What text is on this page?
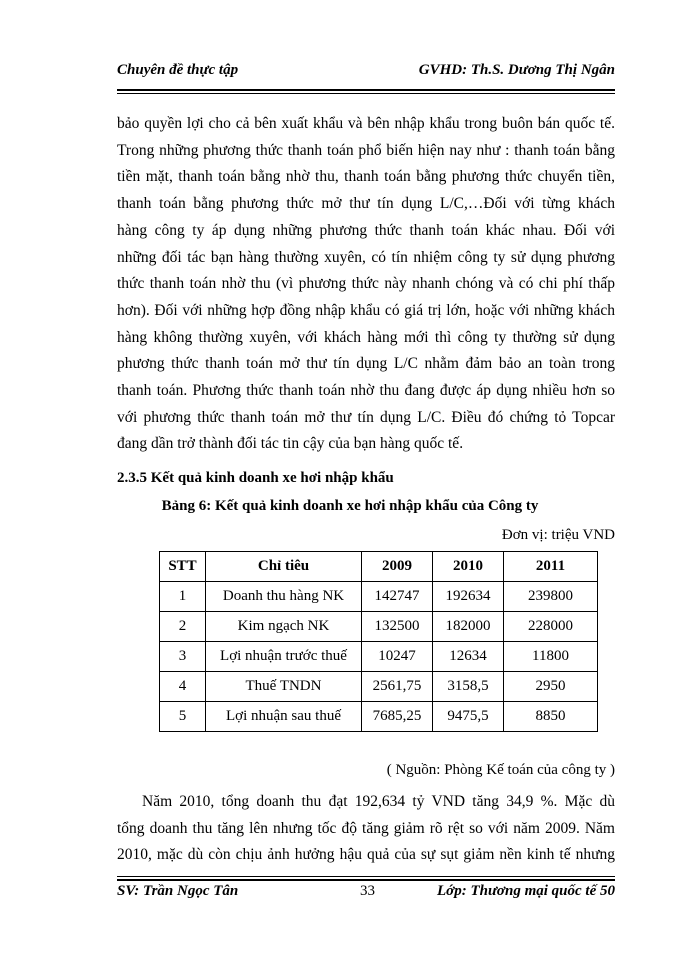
Chuyên đề thực tập	GVHD: Th.S. Dương Thị Ngân
bảo quyền lợi cho cả bên xuất khẩu và bên nhập khẩu trong buôn bán quốc tế.
Trong những phương thức thanh toán phổ biến hiện nay như : thanh toán bằng
tiền mặt, thanh toán bằng nhờ thu, thanh toán bằng phương thức chuyển tiền,
thanh toán bằng phương thức mở thư tín dụng L/C,…Đối với từng khách
hàng công ty áp dụng những phương thức thanh toán khác nhau. Đối với
những đối tác bạn hàng thường xuyên, có tín nhiệm công ty sử dụng phương
thức thanh toán nhờ thu (vì phương thức này nhanh chóng và có chi phí thấp
hơn). Đối với những hợp đồng nhập khẩu có giá trị lớn, hoặc với những khách
hàng không thường xuyên, với khách hàng mới thì công ty thường sử dụng
phương thức thanh toán mở thư tín dụng L/C nhằm đảm bảo an toàn trong
thanh toán. Phương thức thanh toán nhờ thu đang được áp dụng nhiều hơn so
với phương thức thanh toán mở thư tín dụng L/C. Điều đó chứng tỏ Topcar
đang dần trở thành đối tác tin cậy của bạn hàng quốc tế.
2.3.5 Kết quả kinh doanh xe hơi nhập khẩu
Bảng 6: Kết quả kinh doanh xe hơi nhập khẩu của Công ty
Đơn vị: triệu VND
STT	Chỉ tiêu	2009	2010	2011
1	Doanh thu hàng NK	142747	192634	239800
2	Kim ngạch NK	132500	182000	228000
3	Lợi nhuận trước thuế	10247	12634	11800
4	Thuế TNDN	2561,75	3158,5	2950
5	Lợi nhuận sau thuế	7685,25	9475,5	8850
( Nguồn: Phòng Kế toán của công ty )
Năm 2010, tổng doanh thu đạt 192,634 tỷ VND tăng 34,9 %. Mặc dù
tổng doanh thu tăng lên nhưng tốc độ tăng giảm rõ rệt so với năm 2009. Năm
2010, mặc dù còn chịu ảnh hưởng hậu quả của sự sụt giảm nền kinh tế nhưng
SV: Trần Ngọc Tân	33	Lớp: Thương mại quốc tế 50
